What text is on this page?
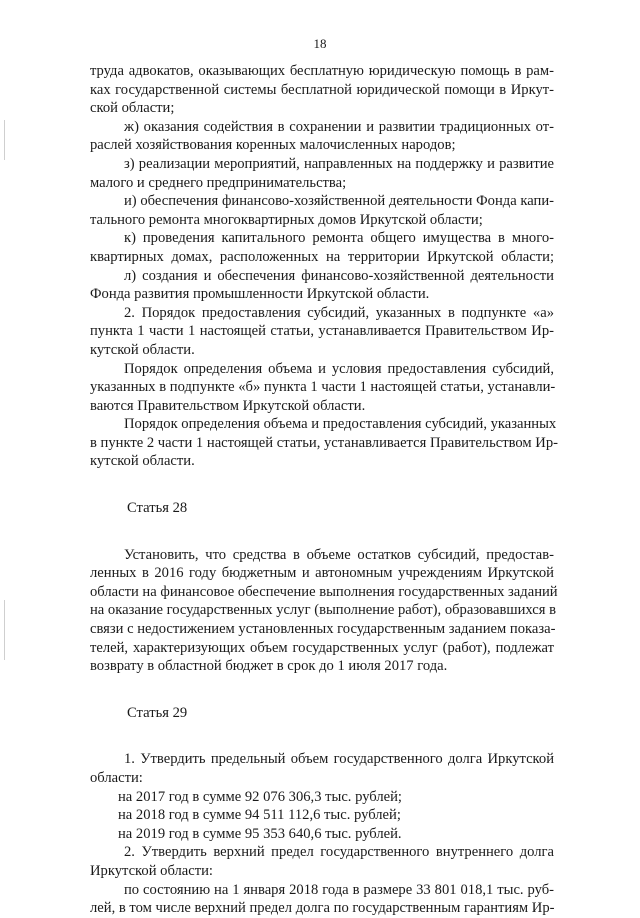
18
труда адвокатов, оказывающих бесплатную юридическую помощь в рам-
ках государственной системы бесплатной юридической помощи в Иркут-
ской области;
ж) оказания содействия в сохранении и развитии традиционных от-
раслей хозяйствования коренных малочисленных народов;
з) реализации мероприятий, направленных на поддержку и развитие
малого и среднего предпринимательства;
и) обеспечения финансово-хозяйственной деятельности Фонда капи-
тального ремонта многоквартирных домов Иркутской области;
к) проведения капитального ремонта общего имущества в много-
квартирных домах, расположенных на территории Иркутской области;
л) создания и обеспечения финансово-хозяйственной деятельности
Фонда развития промышленности Иркутской области.
2. Порядок предоставления субсидий, указанных в подпункте «а»
пункта 1 части 1 настоящей статьи, устанавливается Правительством Ир-
кутской области.
Порядок определения объема и условия предоставления субсидий,
указанных в подпункте «б» пункта 1 части 1 настоящей статьи, устанавли-
ваются Правительством Иркутской области.
Порядок определения объема и предоставления субсидий, указанных
в пункте 2 части 1 настоящей статьи, устанавливается Правительством Ир-
кутской области.
Статья 28
Установить, что средства в объеме остатков субсидий, предостав-
ленных в 2016 году бюджетным и автономным учреждениям Иркутской
области на финансовое обеспечение выполнения государственных заданий
на оказание государственных услуг (выполнение работ), образовавшихся в
связи с недостижением установленных государственным заданием показа-
телей, характеризующих объем государственных услуг (работ), подлежат
возврату в областной бюджет в срок до 1 июля 2017 года.
Статья 29
1. Утвердить предельный объем государственного долга Иркутской
области:
на 2017 год в сумме 92 076 306,3 тыс. рублей;
на 2018 год в сумме 94 511 112,6 тыс. рублей;
на 2019 год в сумме 95 353 640,6 тыс. рублей.
2. Утвердить верхний предел государственного внутреннего долга
Иркутской области:
по состоянию на 1 января 2018 года в размере 33 801 018,1 тыс. руб-
лей, в том числе верхний предел долга по государственным гарантиям Ир-
